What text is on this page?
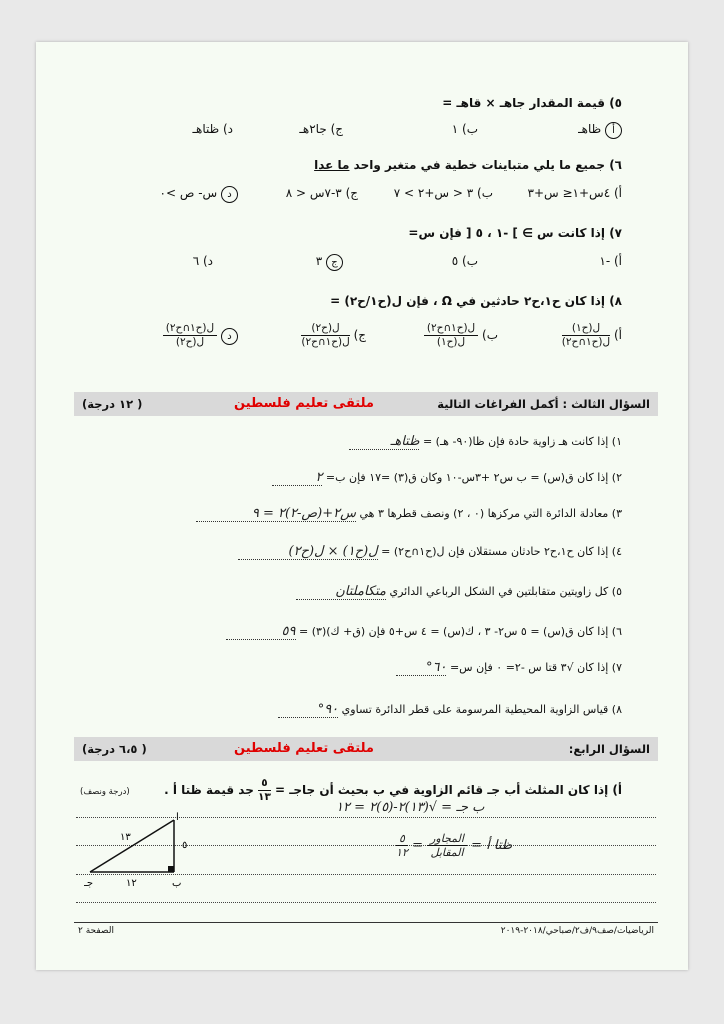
٥) قيمة المقدار جاهـ × قاهـ =
أ ظاهـ
ب) ١
ج) جا٢هـ
د) ظتاهـ
٦) جميع ما يلي متباينات خطية في متغير واحد ما عدا
أ) ٤س+١≤ س+٣
ب) ٣ < س+٢ > ٧
ج) ٣-٧س < ٨
د س- ص >٠
٧) إذا كانت س ∋ ] -١ ، ٥ [ فإن س=
أ) -١
ب) ٥
ج ٣
د) ٦
٨) إذا كان ح١،ح٢ حادثين في Ω ، فإن ل(ح١/ح٢) =
أ)
$\frac{\text{ل(ح١)}}{\text{ل(ح١∩ح٢)}}$
ب)
$\frac{\text{ل(ح١∩ح٢)}}{\text{ل(ح١)}}$
ج)
$\frac{\text{ل(ح٢)}}{\text{ل(ح١∩ح٢)}}$
د
$\frac{\text{ل(ح١∩ح٢)}}{\text{ل(ح٢)}}$
السؤال الثالث : أكمل الفراغات التالية
ملتقى تعليم فلسطين
( ١٢ درجة)
١) إذا كانت هـ زاوية حادة فإن ظا(٩٠- هـ) = ظتاهـ
٢) إذا كان ق(س) = ب س٢ +٣س-١٠ وكان ق(٣) =١٧ فإن ب= ٢
٣) معادلة الدائرة التي مركزها (٠ ، ٢) ونصف قطرها ٣ هي س٢+(ص-٢)٢ = ٩
٤) إذا كان ح١،ح٢ حادثان مستقلان فإن ل(ح١∩ح٢) = ل(ح١) × ل(ح٢)
٥) كل زاويتين متقابلتين في الشكل الرباعي الدائري متكاملتان
٦) إذا كان ق(س) = ٥ س٢- ٣ ، ك(س) = ٤ س+٥ فإن (ق+ ك)(٣) = ٥٩
٧) إذا كان √٣ قتا س -٢= ٠ فإن س= ٦٠°
٨) قياس الزاوية المحيطية المرسومة على قطر الدائرة تساوي ٩٠°
السؤال الرابع:
ملتقى تعليم فلسطين
( ٦،٥ درجة)
أ) إذا كان المثلث أب جـ قائم الزاوية في ب بحيث أن جاجـ =
$\frac{٥}{١٣}$
جد قيمة ظتا أ .
(درجة ونصف)
ب جـ = √(١٣)٢-(٥)٢ = ١٢
ظتا أ =
$\frac{\text{المجاور}}{\text{المقابل}}$
=
$\frac{٥}{١٢}$
أ
ب
جـ
١٣
٥
١٢
الصفحة ٢	الرياضيات/صف٩/ف٢/صباحي/٢٠١٨-٢٠١٩
